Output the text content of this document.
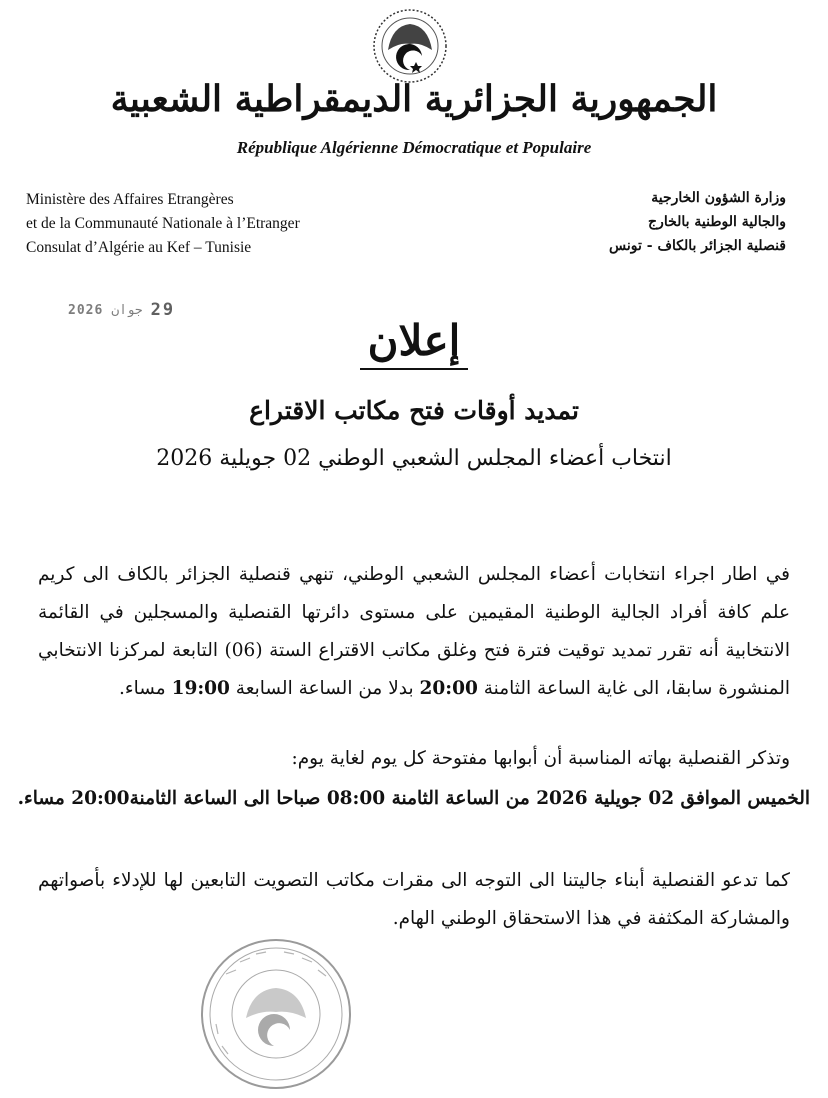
الجمهورية الجزائرية الديمقراطية الشعبية
République Algérienne Démocratique et Populaire
Ministère des Affaires Etrangères
et de la Communauté Nationale à l’Etranger
Consulat d’Algérie au Kef – Tunisie
وزارة الشؤون الخارجية
والجالية الوطنية بالخارج
قنصلية الجزائر بالكاف - تونس
2026 جوان 29
إعلان
تمديد أوقات فتح مكاتب الاقتراع
انتخاب أعضاء المجلس الشعبي الوطني 02 جويلية 2026
في اطار اجراء انتخابات أعضاء المجلس الشعبي الوطني، تنهي قنصلية الجزائر بالكاف الى كريم علم كافة أفراد الجالية الوطنية المقيمين على مستوى دائرتها القنصلية والمسجلين في القائمة الانتخابية أنه تقرر تمديد توقيت فترة فتح وغلق مكاتب الاقتراع الستة (06) التابعة لمركزنا الانتخابي المنشورة سابقا، الى غاية الساعة الثامنة 20:00 بدلا من الساعة السابعة 19:00 مساء.
وتذكر القنصلية بهاته المناسبة أن أبوابها مفتوحة كل يوم لغاية يوم:
الخميس الموافق 02 جويلية 2026 من الساعة الثامنة 08:00 صباحا الى الساعة الثامنة20:00 مساء.
كما تدعو القنصلية أبناء جاليتنا الى التوجه الى مقرات مكاتب التصويت التابعين لها للإدلاء بأصواتهم والمشاركة المكثفة في هذا الاستحقاق الوطني الهام.
